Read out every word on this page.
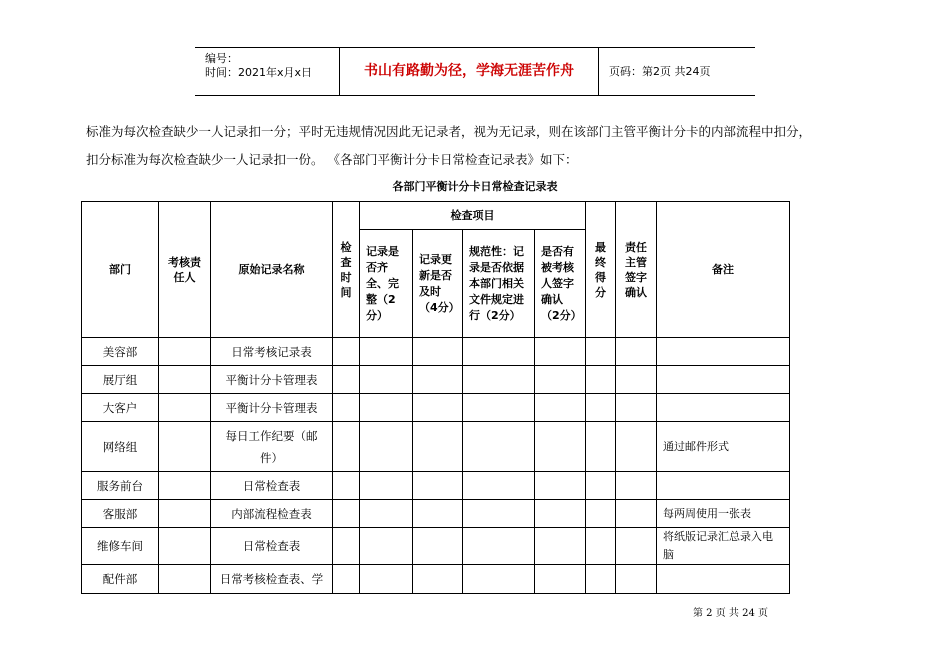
编号：
时间：2021年x月x日	书山有路勤为径，学海无涯苦作舟	页码：第2页 共24页
标准为每次检查缺少一人记录扣一分；平时无违规情况因此无记录者，视为无记录，则在该部门主管平衡计分卡的内部流程中扣分，
扣分标准为每次检查缺少一人记录扣一份。 《各部门平衡计分卡日常检查记录表》如下：
各部门平衡计分卡日常检查记录表
部门	考核责任人	原始记录名称	检查时间	检查项目				最终得分	责任主管签字确认	备注

				记录是否齐全、完整（2分）	记录更新是否及时（4分）	规范性：记录是否依据本部门相关文件规定进行（2分）	是否有被考核人签字确认（2分）			

美容部		日常考核记录表								
展厅组		平衡计分卡管理表								
大客户		平衡计分卡管理表								
网络组		每日工作纪要（邮件）								通过邮件形式
服务前台		日常检查表								
客服部		内部流程检查表								每两周使用一张表
维修车间		日常检查表								将纸版记录汇总录入电脑

配件部		日常考核检查表、学								
第 2 页 共 24 页
